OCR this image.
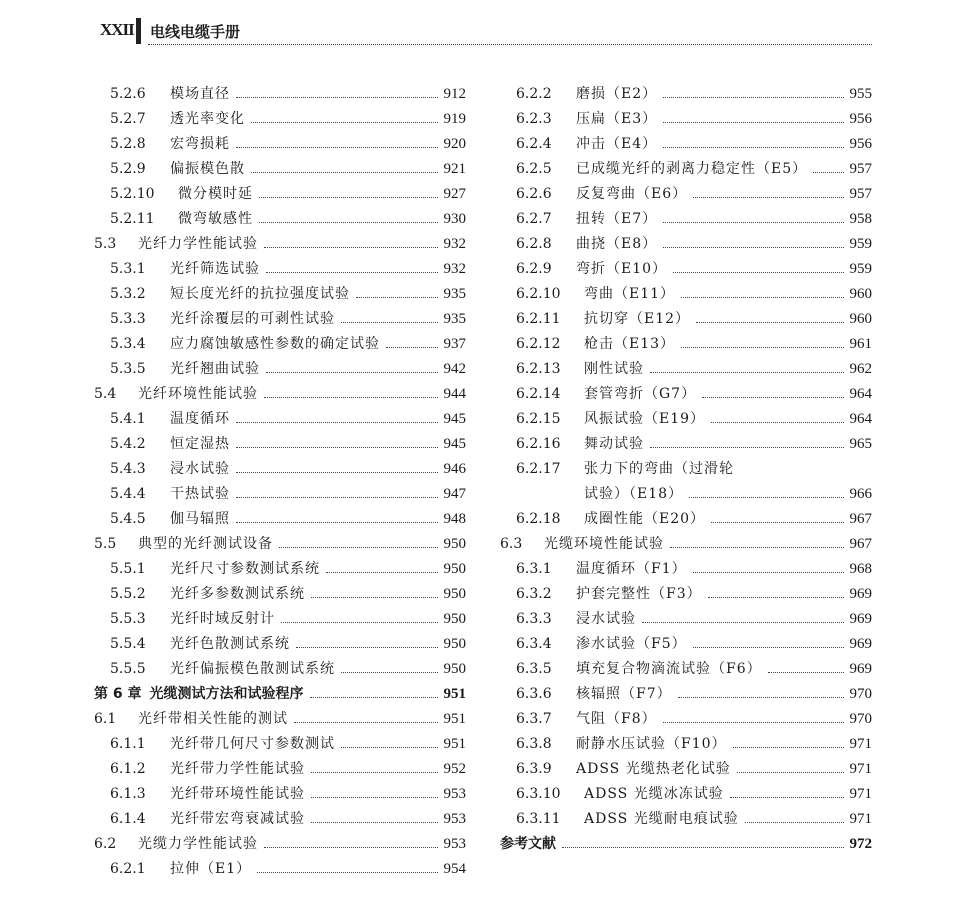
XXII 电线电缆手册
5.2.6	模场直径	912
5.2.7	透光率变化	919
5.2.8	宏弯损耗	920
5.2.9	偏振模色散	921
5.2.10	微分模时延	927
5.2.11	微弯敏感性	930
5.3	光纤力学性能试验	932
5.3.1	光纤筛选试验	932
5.3.2	短长度光纤的抗拉强度试验	935
5.3.3	光纤涂覆层的可剥性试验	935
5.3.4	应力腐蚀敏感性参数的确定试验	937
5.3.5	光纤翘曲试验	942
5.4	光纤环境性能试验	944
5.4.1	温度循环	945
5.4.2	恒定湿热	945
5.4.3	浸水试验	946
5.4.4	干热试验	947
5.4.5	伽马辐照	948
5.5	典型的光纤测试设备	950
5.5.1	光纤尺寸参数测试系统	950
5.5.2	光纤多参数测试系统	950
5.5.3	光纤时域反射计	950
5.5.4	光纤色散测试系统	950
5.5.5	光纤偏振模色散测试系统	950
第 6 章 光缆测试方法和试验程序	951
6.1	光纤带相关性能的测试	951
6.1.1	光纤带几何尺寸参数测试	951
6.1.2	光纤带力学性能试验	952
6.1.3	光纤带环境性能试验	953
6.1.4	光纤带宏弯衰减试验	953
6.2	光缆力学性能试验	953
6.2.1	拉伸（E1）	954
6.2.2	磨损（E2）	955
6.2.3	压扁（E3）	956
6.2.4	冲击（E4）	956
6.2.5	已成缆光纤的剥离力稳定性（E5）	957
6.2.6	反复弯曲（E6）	957
6.2.7	扭转（E7）	958
6.2.8	曲挠（E8）	959
6.2.9	弯折（E10）	959
6.2.10	弯曲（E11）	960
6.2.11	抗切穿（E12）	960
6.2.12	枪击（E13）	961
6.2.13	刚性试验	962
6.2.14	套管弯折（G7）	964
6.2.15	风振试验（E19）	964
6.2.16	舞动试验	965
6.2.17	张力下的弯曲（过滑轮
试验）（E18）	966
6.2.18	成圈性能（E20）	967
6.3	光缆环境性能试验	967
6.3.1	温度循环（F1）	968
6.3.2	护套完整性（F3）	969
6.3.3	浸水试验	969
6.3.4	渗水试验（F5）	969
6.3.5	填充复合物滴流试验（F6）	969
6.3.6	核辐照（F7）	970
6.3.7	气阻（F8）	970
6.3.8	耐静水压试验（F10）	971
6.3.9	ADSS 光缆热老化试验	971
6.3.10	ADSS 光缆冰冻试验	971
6.3.11	ADSS 光缆耐电痕试验	971
参考文献	972
